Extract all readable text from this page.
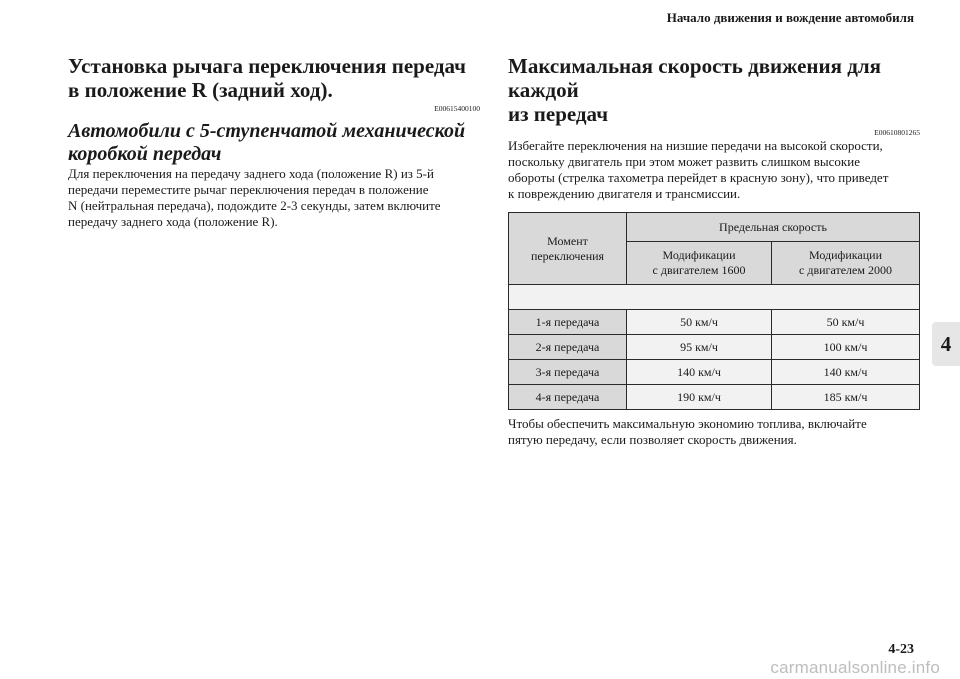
Начало движения и вождение автомобиля
Установка рычага переключения передач
в положение R (задний ход).
E00615400100
Автомобили с 5-ступенчатой механической
коробкой передач

Для переключения на передачу заднего хода (положение R) из 5-й
передачи переместите рычаг переключения передач в положение
N (нейтральная передача), подождите 2-3 секунды, затем включите
передачу заднего хода (положение R).

Максимальная скорость движения для каждой
из передач
E00610801265

Избегайте переключения на низшие передачи на высокой скорости,
поскольку двигатель при этом может развить слишком высокие
обороты (стрелка тахометра перейдет в красную зону), что приведет
к повреждению двигателя и трансмиссии.

Момент
переключения	Предельная скорость	
	Модификации
с двигателем 1600	Модификации
с двигателем 2000

1-я передача	50 км/ч	50 км/ч
2-я передача	95 км/ч	100 км/ч
3-я передача	140 км/ч	140 км/ч
4-я передача	190 км/ч	185 км/ч

Чтобы обеспечить максимальную экономию топлива, включайте
пятую передачу, если позволяет скорость движения.

4
4-23
carmanualsonline.info
